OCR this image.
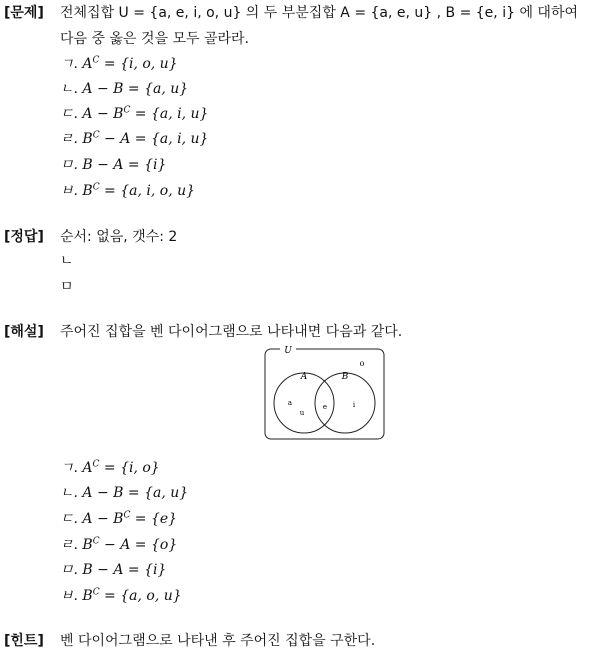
[문제] 전체집합 U = {a, e, i, o, u} 의 두 부분집합 A = {a, e, u} , B = {e, i} 에 대하여
다음 중 옳은 것을 모두 골라라.
ㄱ. $A^C = \{i$, o, u}
ㄴ. A − B = {a, u}
ㄷ. $A - B^C = \{a$, i, u}
ㄹ. $B^C - A = \{a$, i, u}
ㅁ. B − A = {i}
ㅂ. $B^C = \{a$, i, o, u}
[정답] 순서: 없음, 갯수: 2
ㄴ
ㅁ
[해설] 주어진 집합을 벤 다이어그램으로 나타내면 다음과 같다.
U
A	B
o
a
u
e	i
ㄱ. $A^C = \{i$, o}
ㄴ. A − B = {a, u}
ㄷ. $A - B^C = \{e\}$
ㄹ. $B^C - A = \{o\}$
ㅁ. B − A = {i}
ㅂ. $B^C = \{a$, o, u}
[힌트] 벤 다이어그램으로 나타낸 후 주어진 집합을 구한다.
